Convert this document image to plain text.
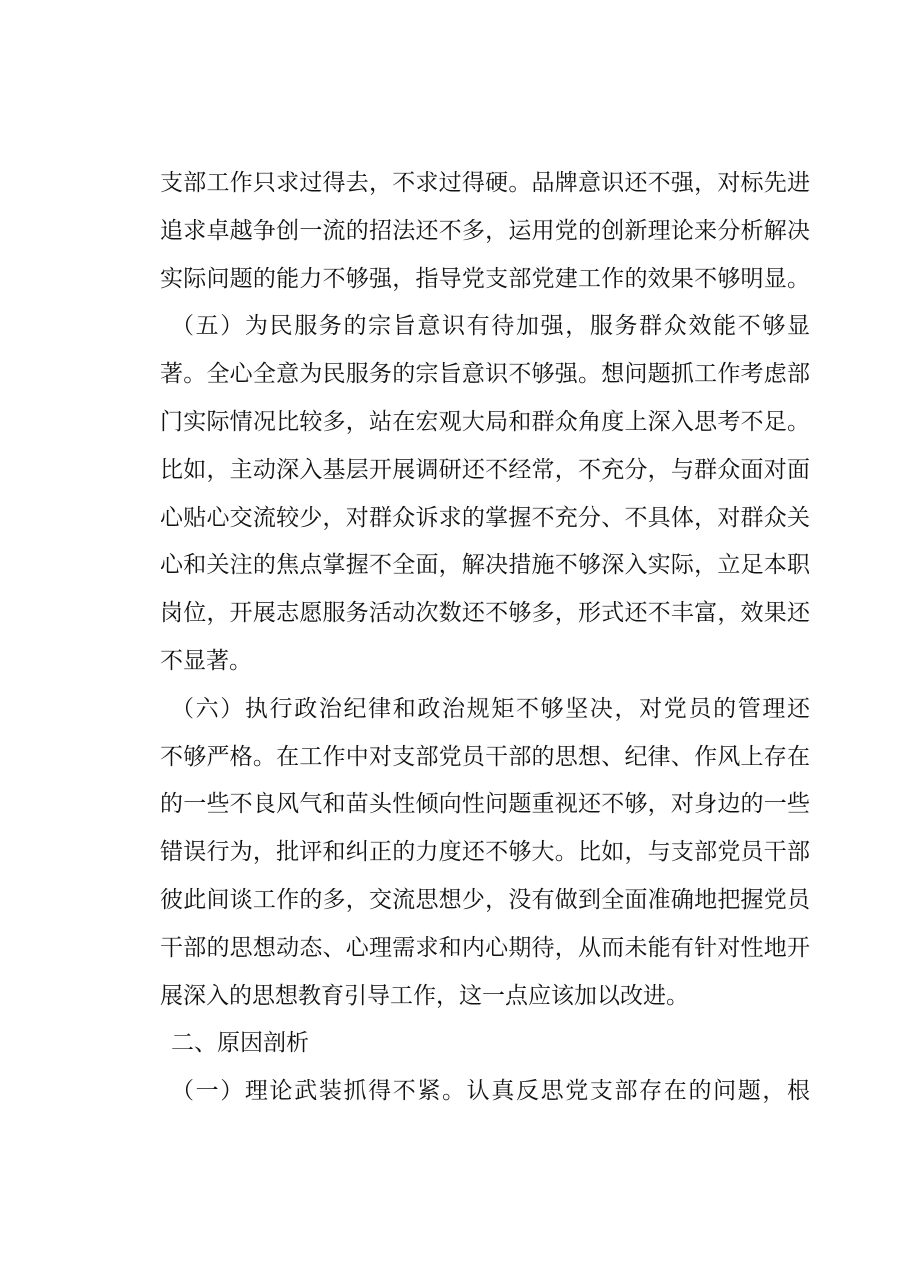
支部工作只求过得去，不求过得硬。品牌意识还不强，对标先进
追求卓越争创一流的招法还不多，运用党的创新理论来分析解决
实际问题的能力不够强，指导党支部党建工作的效果不够明显。
（五）为民服务的宗旨意识有待加强，服务群众效能不够显
著。全心全意为民服务的宗旨意识不够强。想问题抓工作考虑部
门实际情况比较多，站在宏观大局和群众角度上深入思考不足。
比如，主动深入基层开展调研还不经常，不充分，与群众面对面
心贴心交流较少，对群众诉求的掌握不充分、不具体，对群众关
心和关注的焦点掌握不全面，解决措施不够深入实际，立足本职
岗位，开展志愿服务活动次数还不够多，形式还不丰富，效果还
不显著。
（六）执行政治纪律和政治规矩不够坚决，对党员的管理还
不够严格。在工作中对支部党员干部的思想、纪律、作风上存在
的一些不良风气和苗头性倾向性问题重视还不够，对身边的一些
错误行为，批评和纠正的力度还不够大。比如，与支部党员干部
彼此间谈工作的多，交流思想少，没有做到全面准确地把握党员
干部的思想动态、心理需求和内心期待，从而未能有针对性地开
展深入的思想教育引导工作，这一点应该加以改进。
二、原因剖析
（一）理论武装抓得不紧。认真反思党支部存在的问题，根
